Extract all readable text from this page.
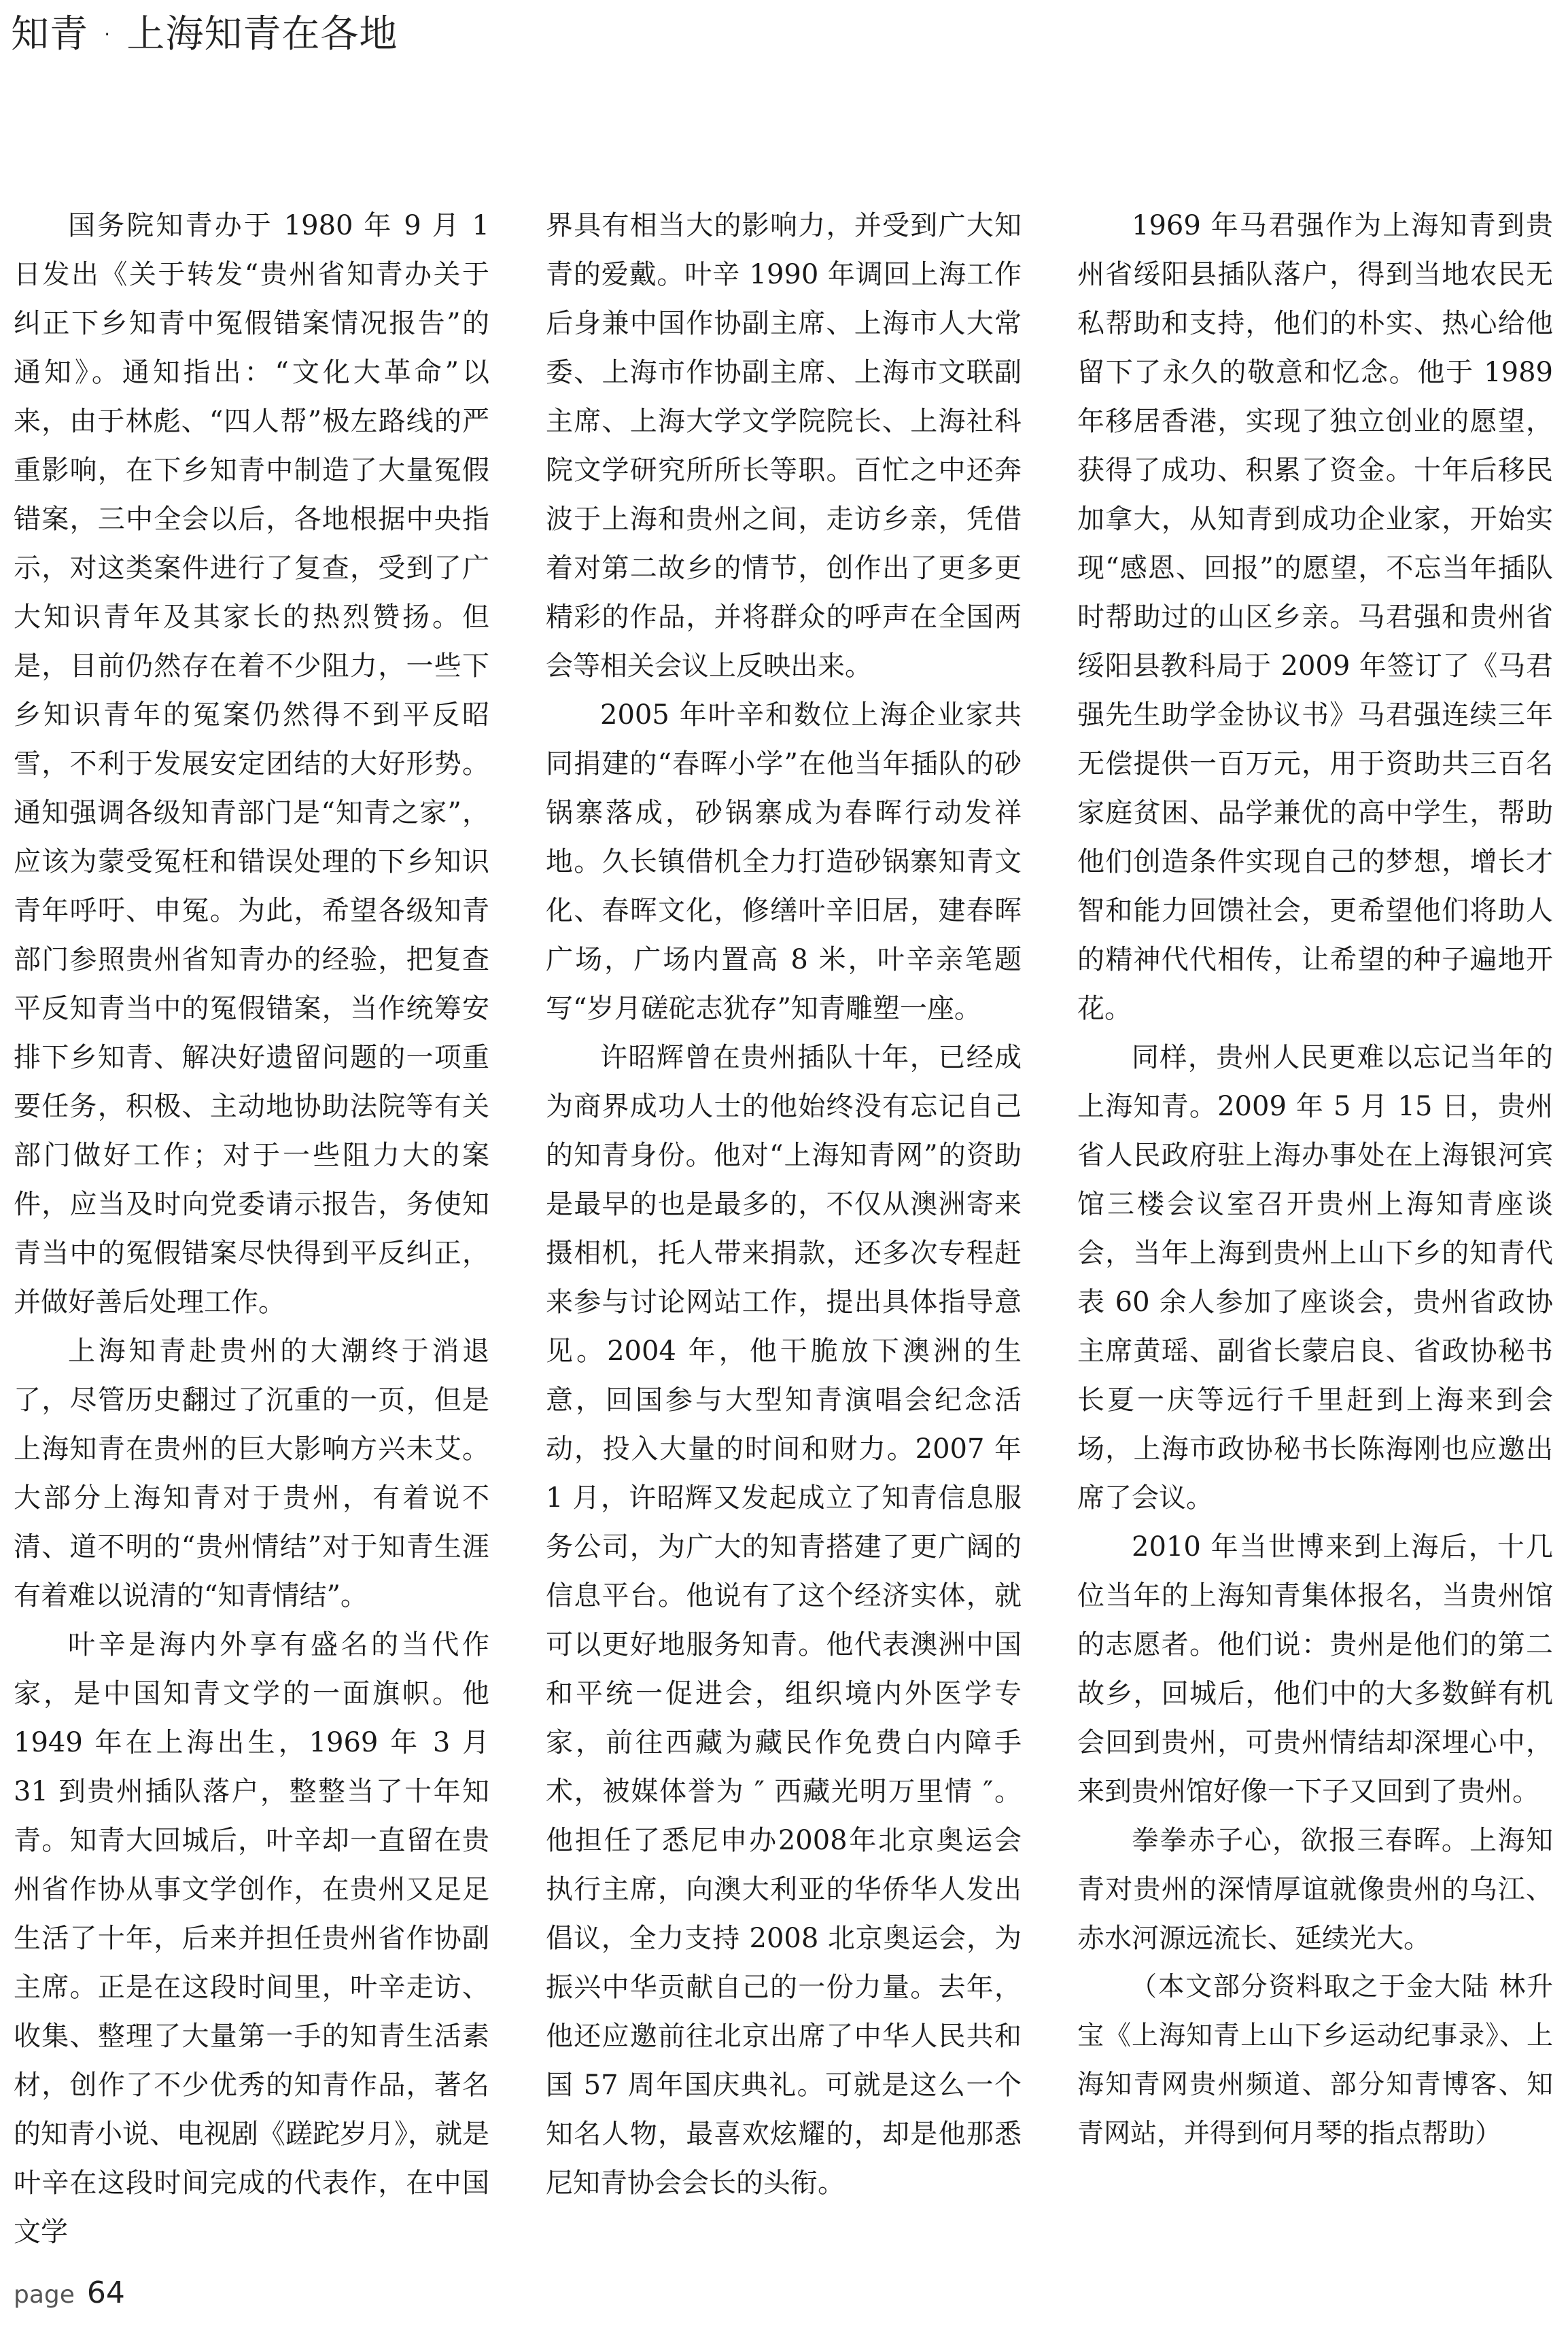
知青 · 上海知青在各地

国务院知青办于 1980 年 9 月 1 日发出《关于转发“贵州省知青办关于纠正下乡知青中冤假错案情况报告”的通知》。通知指出：“文化大革命”以来，由于林彪、“四人帮”极左路线的严重影响，在下乡知青中制造了大量冤假错案，三中全会以后，各地根据中央指示，对这类案件进行了复查，受到了广大知识青年及其家长的热烈赞扬。但是，目前仍然存在着不少阻力，一些下乡知识青年的冤案仍然得不到平反昭雪，不利于发展安定团结的大好形势。通知强调各级知青部门是“知青之家”，应该为蒙受冤枉和错误处理的下乡知识青年呼吁、申冤。为此，希望各级知青部门参照贵州省知青办的经验，把复查平反知青当中的冤假错案，当作统筹安排下乡知青、解决好遗留问题的一项重要任务，积极、主动地协助法院等有关部门做好工作；对于一些阻力大的案件，应当及时向党委请示报告，务使知青当中的冤假错案尽快得到平反纠正，并做好善后处理工作。

上海知青赴贵州的大潮终于消退了，尽管历史翻过了沉重的一页，但是上海知青在贵州的巨大影响方兴未艾。大部分上海知青对于贵州，有着说不清、道不明的“贵州情结”对于知青生涯有着难以说清的“知青情结”。

叶辛是海内外享有盛名的当代作家，是中国知青文学的一面旗帜。他 1949 年在上海出生，1969 年 3 月 31 到贵州插队落户，整整当了十年知青。知青大回城后，叶辛却一直留在贵州省作协从事文学创作，在贵州又足足生活了十年，后来并担任贵州省作协副主席。正是在这段时间里，叶辛走访、收集、整理了大量第一手的知青生活素材，创作了不少优秀的知青作品，著名的知青小说、电视剧《蹉跎岁月》，就是叶辛在这段时间完成的代表作，在中国文学

界具有相当大的影响力，并受到广大知青的爱戴。叶辛 1990 年调回上海工作后身兼中国作协副主席、上海市人大常委、上海市作协副主席、上海市文联副主席、上海大学文学院院长、上海社科院文学研究所所长等职。百忙之中还奔波于上海和贵州之间，走访乡亲，凭借着对第二故乡的情节，创作出了更多更精彩的作品，并将群众的呼声在全国两会等相关会议上反映出来。

2005 年叶辛和数位上海企业家共同捐建的“春晖小学”在他当年插队的砂锅寨落成，砂锅寨成为春晖行动发祥地。久长镇借机全力打造砂锅寨知青文化、春晖文化，修缮叶辛旧居，建春晖广场，广场内置高 8 米，叶辛亲笔题写“岁月磋砣志犹存”知青雕塑一座。

许昭辉曾在贵州插队十年，已经成为商界成功人士的他始终没有忘记自己的知青身份。他对“上海知青网”的资助是最早的也是最多的，不仅从澳洲寄来摄相机，托人带来捐款，还多次专程赶来参与讨论网站工作，提出具体指导意见。2004 年，他干脆放下澳洲的生意，回国参与大型知青演唱会纪念活动，投入大量的时间和财力。2007 年 1 月，许昭辉又发起成立了知青信息服务公司，为广大的知青搭建了更广阔的信息平台。他说有了这个经济实体，就可以更好地服务知青。他代表澳洲中国和平统一促进会，组织境内外医学专家，前往西藏为藏民作免费白内障手术，被媒体誉为 ″ 西藏光明万里情 ″。他担任了悉尼申办2008年北京奥运会执行主席，向澳大利亚的华侨华人发出倡议，全力支持 2008 北京奥运会，为振兴中华贡献自己的一份力量。去年，他还应邀前往北京出席了中华人民共和国 57 周年国庆典礼。可就是这么一个知名人物，最喜欢炫耀的，却是他那悉尼知青协会会长的头衔。

1969 年马君强作为上海知青到贵州省绥阳县插队落户，得到当地农民无私帮助和支持，他们的朴实、热心给他留下了永久的敬意和忆念。他于 1989 年移居香港，实现了独立创业的愿望，获得了成功、积累了资金。十年后移民加拿大，从知青到成功企业家，开始实现“感恩、回报”的愿望，不忘当年插队时帮助过的山区乡亲。马君强和贵州省绥阳县教科局于 2009 年签订了《马君强先生助学金协议书》马君强连续三年无偿提供一百万元，用于资助共三百名家庭贫困、品学兼优的高中学生，帮助他们创造条件实现自己的梦想，增长才智和能力回馈社会，更希望他们将助人的精神代代相传，让希望的种子遍地开花。

同样，贵州人民更难以忘记当年的上海知青。2009 年 5 月 15 日，贵州省人民政府驻上海办事处在上海银河宾馆三楼会议室召开贵州上海知青座谈会，当年上海到贵州上山下乡的知青代表 60 余人参加了座谈会，贵州省政协主席黄瑶、副省长蒙启良、省政协秘书长夏一庆等远行千里赶到上海来到会场，上海市政协秘书长陈海刚也应邀出席了会议。

2010 年当世博来到上海后，十几位当年的上海知青集体报名，当贵州馆的志愿者。他们说：贵州是他们的第二故乡，回城后，他们中的大多数鲜有机会回到贵州，可贵州情结却深埋心中，来到贵州馆好像一下子又回到了贵州。

拳拳赤子心，欲报三春晖。上海知青对贵州的深情厚谊就像贵州的乌江、赤水河源远流长、延续光大。

（本文部分资料取之于金大陆 林升宝《上海知青上山下乡运动纪事录》、上海知青网贵州频道、部分知青博客、知青网站，并得到何月琴的指点帮助）

page 64
